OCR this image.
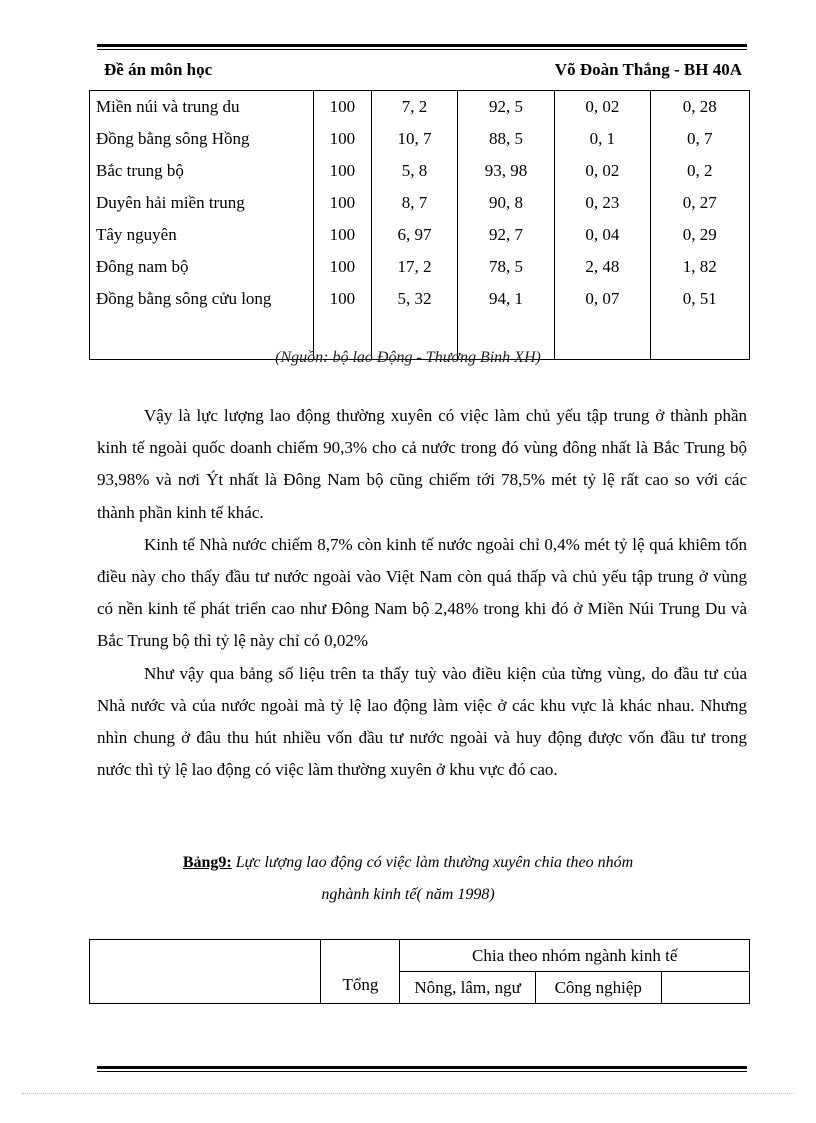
Đề án môn học	Võ Đoàn Thắng - BH 40A
Miền núi và trung du	100	7, 2	92, 5	0, 02	0, 28
Đồng bằng sông Hồng	100	10, 7	88, 5	0, 1	0, 7
Bắc trung bộ	100	5, 8	93, 98	0, 02	0, 2
Duyên hải miền trung	100	8, 7	90, 8	0, 23	0, 27
Tây nguyên	100	6, 97	92, 7	0, 04	0, 29
Đông nam bộ	100	17, 2	78, 5	2, 48	1, 82
Đồng bằng sông cửu long	100	5, 32	94, 1	0, 07	0, 51

(Nguồn: bộ lao Động - Thương Binh XH)

Vậy là lực lượng lao động thường xuyên có việc làm chủ yếu tập trung ở thành phần kinh tế ngoài quốc doanh chiếm 90,3% cho cả nước trong đó vùng đông nhất là Bắc Trung bộ 93,98% và nơi Ýt nhất là Đông Nam bộ cũng chiếm tới 78,5% mét tỷ lệ rất cao so với các thành phần kinh tế khác.

Kinh tế Nhà nước chiếm 8,7% còn kinh tế nước ngoài chỉ 0,4% mét tỷ lệ quá khiêm tốn điều này cho thấy đầu tư nước ngoài vào Việt Nam còn quá thấp và chủ yếu tập trung ở vùng có nền kinh tế phát triển cao như Đông Nam bộ 2,48% trong khi đó ở Miền Núi Trung Du và Bắc Trung bộ thì tỷ lệ này chỉ có 0,02%

Như vậy qua bảng số liệu trên ta thấy tuỳ vào điều kiện của từng vùng, do đầu tư của Nhà nước và của nước ngoài mà tỷ lệ lao động làm việc ở các khu vực là khác nhau. Nhưng nhìn chung ở đâu thu hút nhiều vốn đầu tư nước ngoài và huy động được vốn đầu tư trong nước thì tỷ lệ lao động có việc làm thường xuyên ở khu vực đó cao.

Bảng9: Lực lượng lao động có việc làm thường xuyên chia theo nhóm
nghành kinh tế( năm 1998)
	Tổng	Chia theo nhóm ngành kinh tế		
		Nông, lâm, ngư	Công nghiệp	
